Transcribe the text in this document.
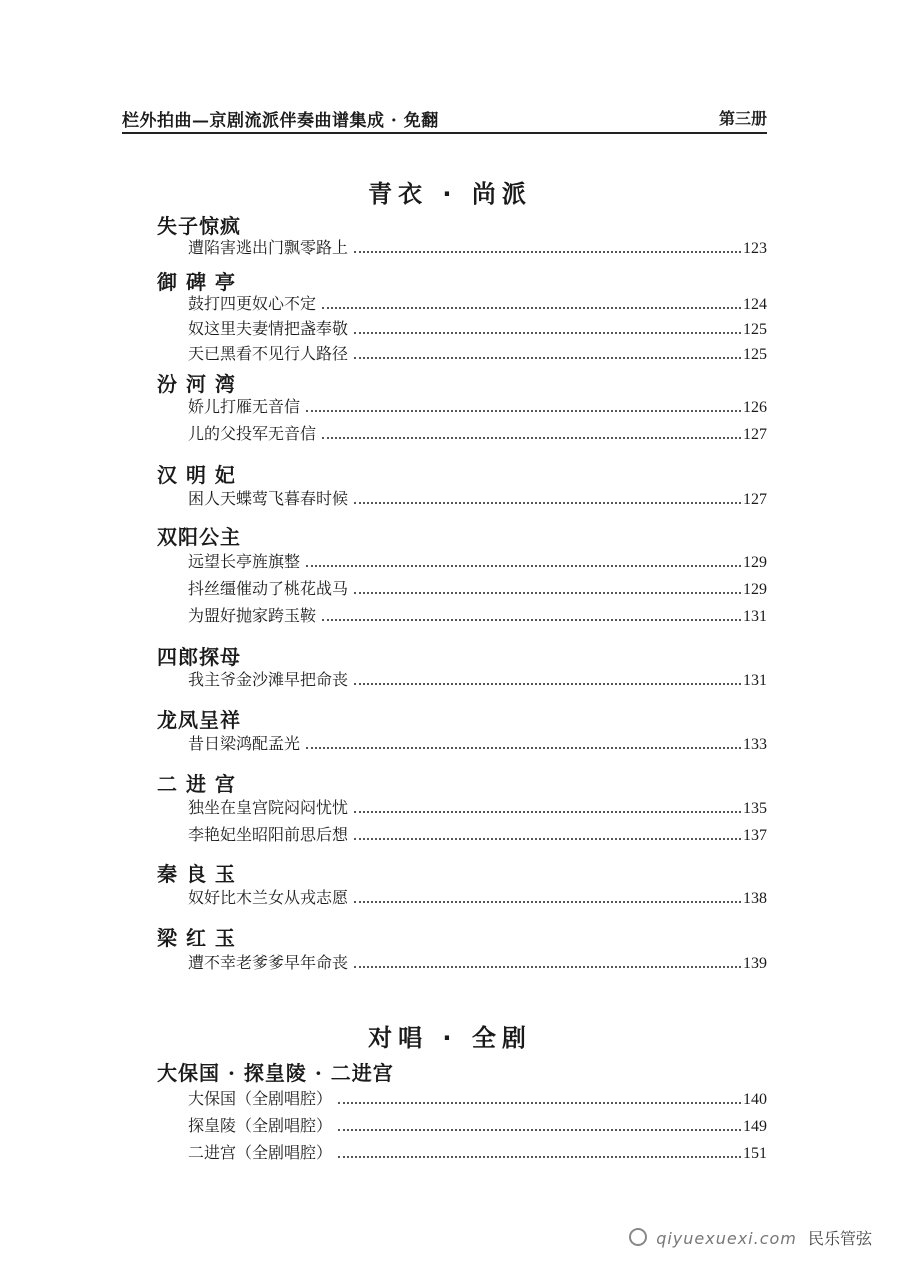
栏外拍曲—京剧流派伴奏曲谱集成 · 免翻	第三册
青衣 · 尚派
失子惊疯
遭陷害逃出门飘零路上	123
御 碑 亭
鼓打四更奴心不定	124
奴这里夫妻情把盏奉敬	125
天已黑看不见行人路径	125
汾 河 湾
娇儿打雁无音信	126
儿的父投军无音信	127
汉 明 妃
困人天蝶莺飞暮春时候	127
双阳公主
远望长亭旌旗整	129
抖丝缰催动了桃花战马	129
为盟好抛家跨玉鞍	131
四郎探母
我主爷金沙滩早把命丧	131
龙凤呈祥
昔日梁鸿配孟光	133
二 进 宫
独坐在皇宫院闷闷忧忧	135
李艳妃坐昭阳前思后想	137
秦 良 玉
奴好比木兰女从戎志愿	138
梁 红 玉
遭不幸老爹爹早年命丧	139
对唱 · 全剧
大保国 · 探皇陵 · 二进宫
大保国（全剧唱腔）	140
探皇陵（全剧唱腔）	149
二进宫（全剧唱腔）	151
qiyuexuexi.com 民乐管弦
